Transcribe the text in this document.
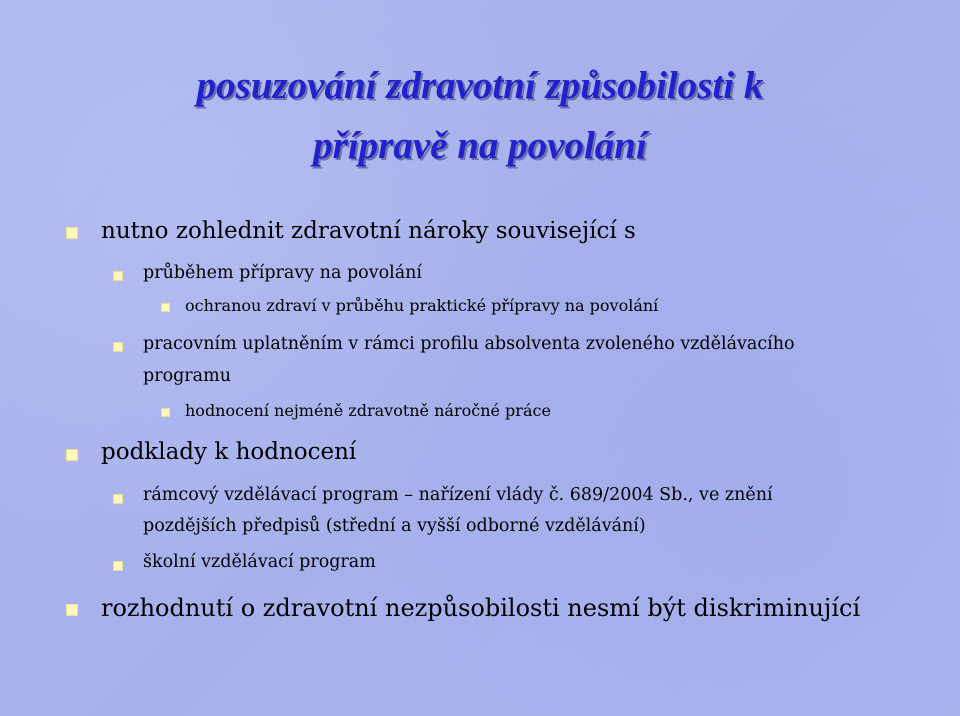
posuzování zdravotní způsobilosti k
přípravě na povolání
nutno zohlednit zdravotní nároky související s
průběhem přípravy na povolání
ochranou zdraví v průběhu praktické přípravy na povolání
pracovním uplatněním v rámci profilu absolventa zvoleného vzdělávacího
programu
hodnocení nejméně zdravotně náročné práce
podklady k hodnocení
rámcový vzdělávací program – nařízení vlády č. 689/2004 Sb., ve znění
pozdějších předpisů (střední a vyšší odborné vzdělávání)
školní vzdělávací program
rozhodnutí o zdravotní nezpůsobilosti nesmí být diskriminující
